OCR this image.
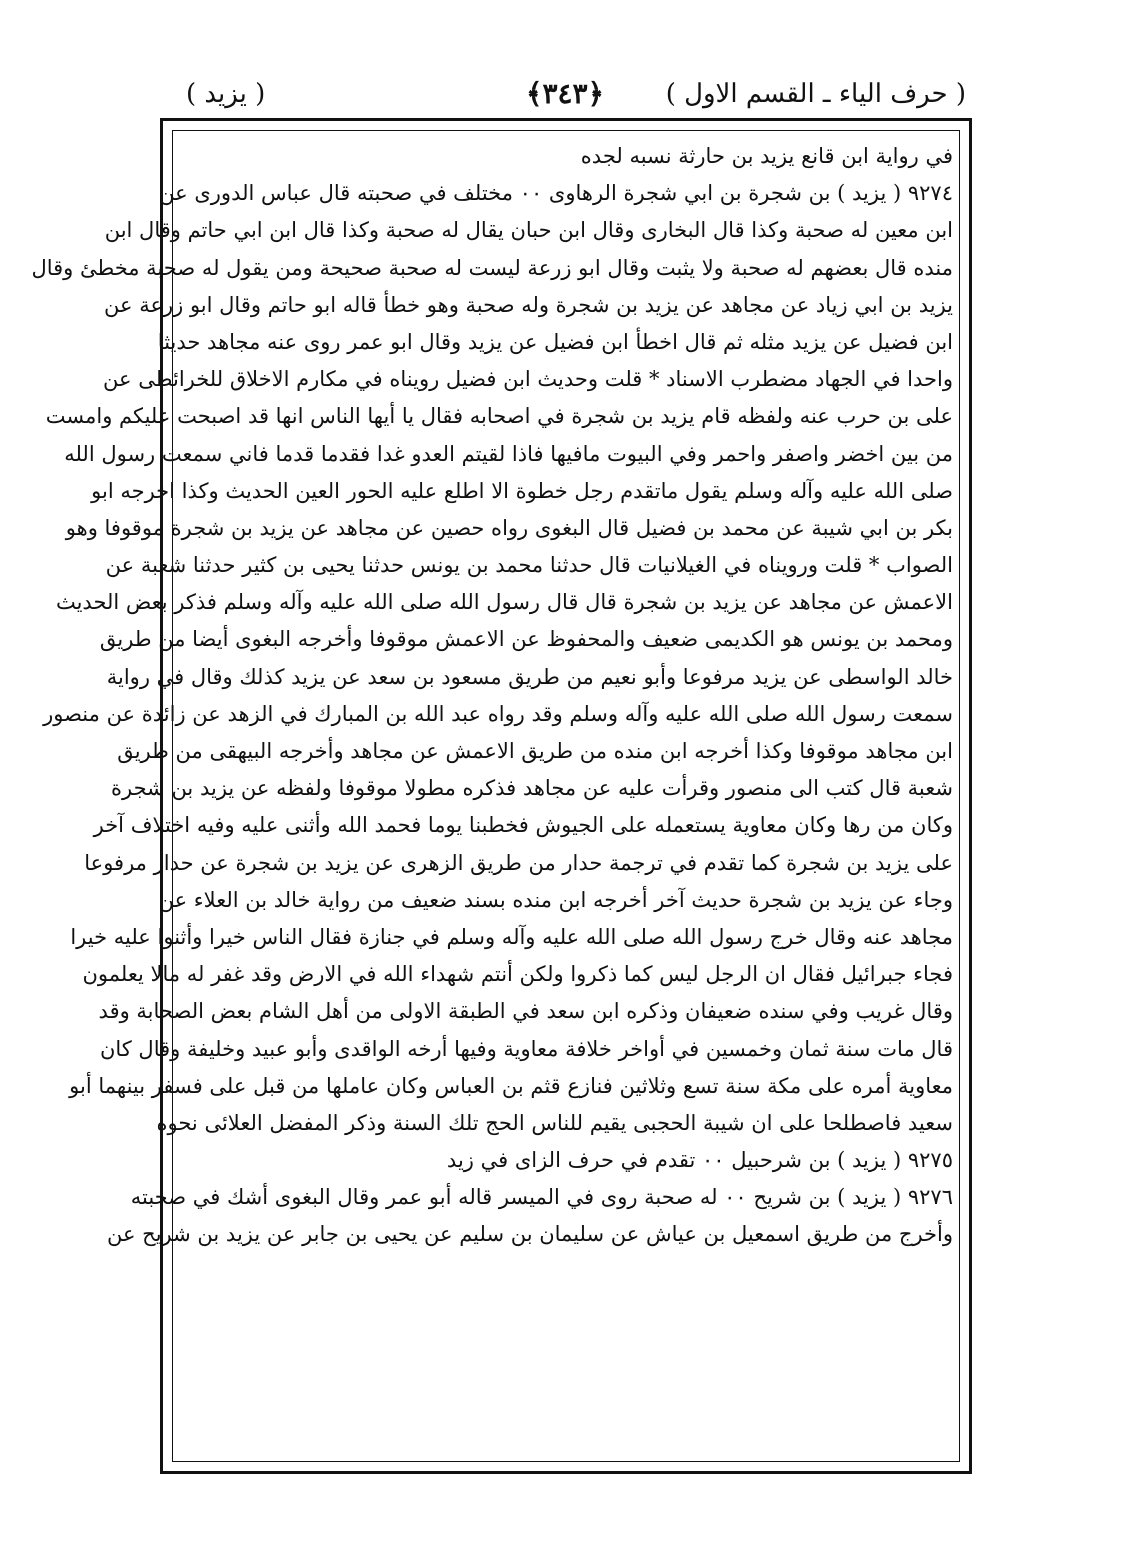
( حرف الياء ـ القسم الاول )
﴿٣٤٣﴾
( يزيد )
في رواية ابن قانع يزيد بن حارثة نسبه لجده
٩٢٧٤ ( يزيد ) بن شجرة بن ابي شجرة الرهاوى ٠٠ مختلف في صحبته قال عباس الدورى عن
ابن معين له صحبة وكذا قال البخارى وقال ابن حبان يقال له صحبة وكذا قال ابن ابي حاتم وقال ابن
منده قال بعضهم له صحبة ولا يثبت وقال ابو زرعة ليست له صحبة صحيحة ومن يقول له صحبة مخطئ وقال
يزيد بن ابي زياد عن مجاهد عن يزيد بن شجرة وله صحبة وهو خطأ قاله ابو حاتم وقال ابو زرعة عن
ابن فضيل عن يزيد مثله ثم قال اخطأ ابن فضيل عن يزيد وقال ابو عمر روى عنه مجاهد حديثا
واحدا في الجهاد مضطرب الاسناد * قلت وحديث ابن فضيل رويناه في مكارم الاخلاق للخرائطى عن
على بن حرب عنه ولفظه قام يزيد بن شجرة في اصحابه فقال يا أيها الناس انها قد اصبحت عليكم وامست
من بين اخضر واصفر واحمر وفي البيوت مافيها فاذا لقيتم العدو غدا فقدما قدما فاني سمعت رسول الله
صلى الله عليه وآله وسلم يقول ماتقدم رجل خطوة الا اطلع عليه الحور العين الحديث وكذا اخرجه ابو
بكر بن ابي شيبة عن محمد بن فضيل قال البغوى رواه حصين عن مجاهد عن يزيد بن شجرة موقوفا وهو
الصواب * قلت ورويناه في الغيلانيات قال حدثنا محمد بن يونس حدثنا يحيى بن كثير حدثنا شعبة عن
الاعمش عن مجاهد عن يزيد بن شجرة قال قال رسول الله صلى الله عليه وآله وسلم فذكر بعض الحديث
ومحمد بن يونس هو الكديمى ضعيف والمحفوظ عن الاعمش موقوفا وأخرجه البغوى أيضا من طريق
خالد الواسطى عن يزيد مرفوعا وأبو نعيم من طريق مسعود بن سعد عن يزيد كذلك وقال في رواية
سمعت رسول الله صلى الله عليه وآله وسلم وقد رواه عبد الله بن المبارك في الزهد عن زائدة عن منصور
ابن مجاهد موقوفا وكذا أخرجه ابن منده من طريق الاعمش عن مجاهد وأخرجه البيهقى من طريق
شعبة قال كتب الى منصور وقرأت عليه عن مجاهد فذكره مطولا موقوفا ولفظه عن يزيد بن شجرة
وكان من رها وكان معاوية يستعمله على الجيوش فخطبنا يوما فحمد الله وأثنى عليه وفيه اختلاف آخر
على يزيد بن شجرة كما تقدم في ترجمة حدار من طريق الزهرى عن يزيد بن شجرة عن حدار مرفوعا
وجاء عن يزيد بن شجرة حديث آخر أخرجه ابن منده بسند ضعيف من رواية خالد بن العلاء عن
مجاهد عنه وقال خرج رسول الله صلى الله عليه وآله وسلم في جنازة فقال الناس خيرا وأثنوا عليه خيرا
فجاء جبرائيل فقال ان الرجل ليس كما ذكروا ولكن أنتم شهداء الله في الارض وقد غفر له مالا يعلمون
وقال غريب وفي سنده ضعيفان وذكره ابن سعد في الطبقة الاولى من أهل الشام بعض الصحابة وقد
قال مات سنة ثمان وخمسين في أواخر خلافة معاوية وفيها أرخه الواقدى وأبو عبيد وخليفة وقال كان
معاوية أمره على مكة سنة تسع وثلاثين فنازع قثم بن العباس وكان عاملها من قبل على فسفر بينهما أبو
سعيد فاصطلحا على ان شيبة الحجبى يقيم للناس الحج تلك السنة وذكر المفضل العلائى نحوه
٩٢٧٥ ( يزيد ) بن شرحبيل ٠٠ تقدم في حرف الزاى في زيد
٩٢٧٦ ( يزيد ) بن شريح ٠٠ له صحبة روى في الميسر قاله أبو عمر وقال البغوى أشك في صحبته
وأخرج من طريق اسمعيل بن عياش عن سليمان بن سليم عن يحيى بن جابر عن يزيد بن شريح عن
